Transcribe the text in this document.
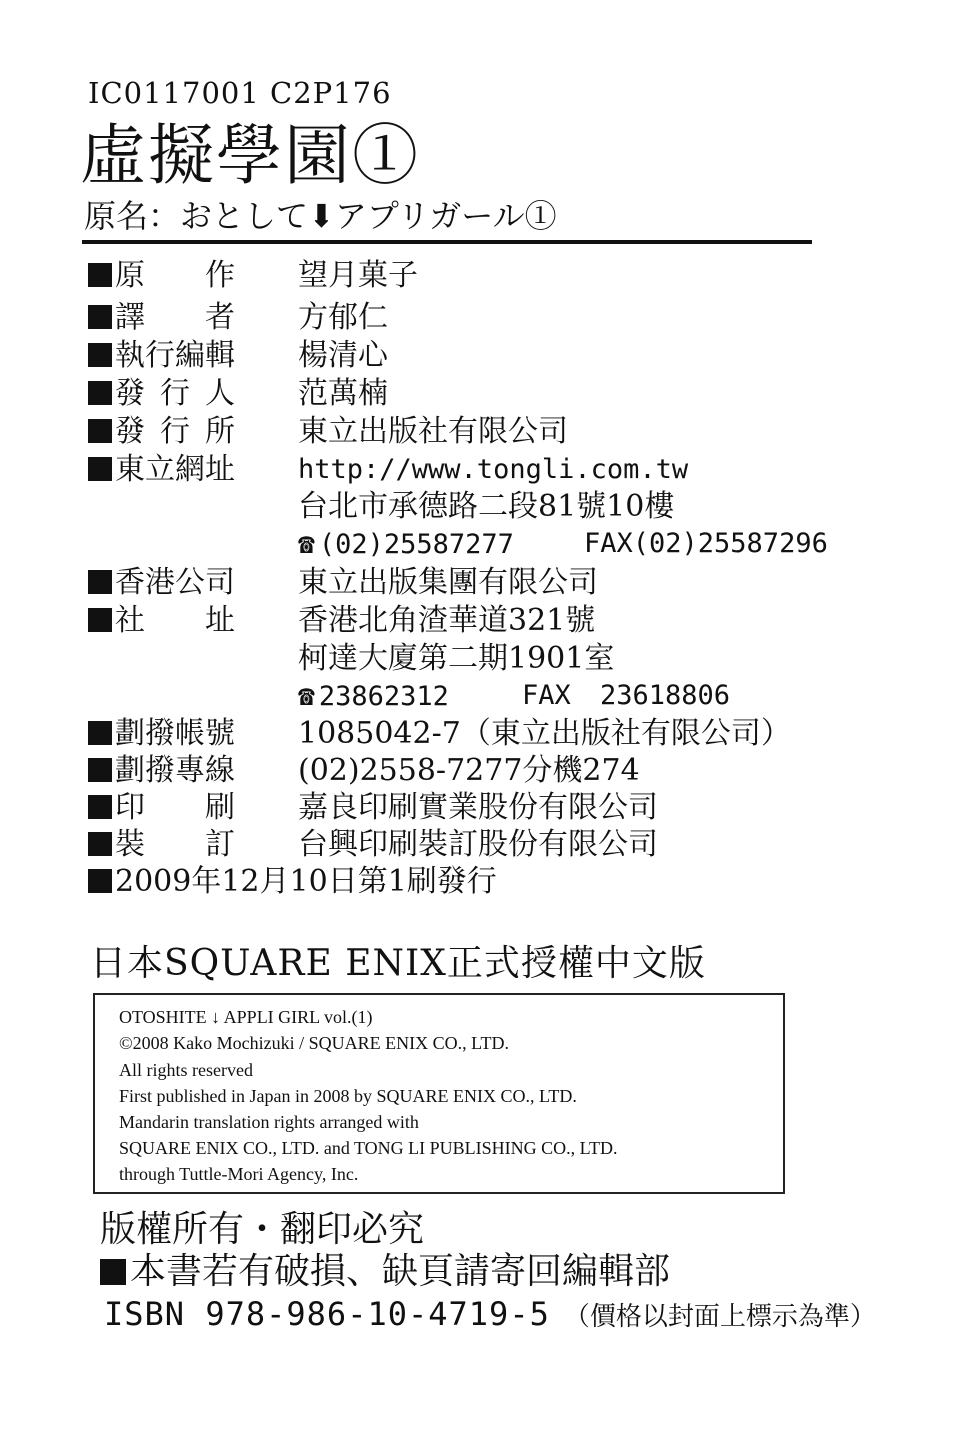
IC0117001 C2P176
虛擬學園①
原名：おとして⬇アプリガール①
原　作 望月菓子
譯　者 方郁仁
執行編輯 楊清心
發行人 范萬楠
發行所 東立出版社有限公司
東立網址 http://www.tongli.com.tw
台北市承德路二段81號10樓
☎ (02)25587277	FAX(02)25587296
香港公司 東立出版集團有限公司
社　址 香港北角渣華道321號
柯達大廈第二期1901室
☎ 23862312	FAX 23618806
劃撥帳號 1085042-7（東立出版社有限公司）
劃撥專線 (02)2558-7277分機274
印　刷 嘉良印刷實業股份有限公司
裝　訂 台興印刷裝訂股份有限公司
2009年12月10日第1刷發行
日本SQUARE ENIX正式授權中文版
OTOSHITE ↓ APPLI GIRL vol.(1)
©2008 Kako Mochizuki / SQUARE ENIX CO., LTD.
All rights reserved
First published in Japan in 2008 by SQUARE ENIX CO., LTD.
Mandarin translation rights arranged with
SQUARE ENIX CO., LTD. and TONG LI PUBLISHING CO., LTD.
through Tuttle-Mori Agency, Inc.
版權所有・翻印必究
本書若有破損、缺頁請寄回編輯部
ISBN 978-986-10-4719-5 （價格以封面上標示為準）
